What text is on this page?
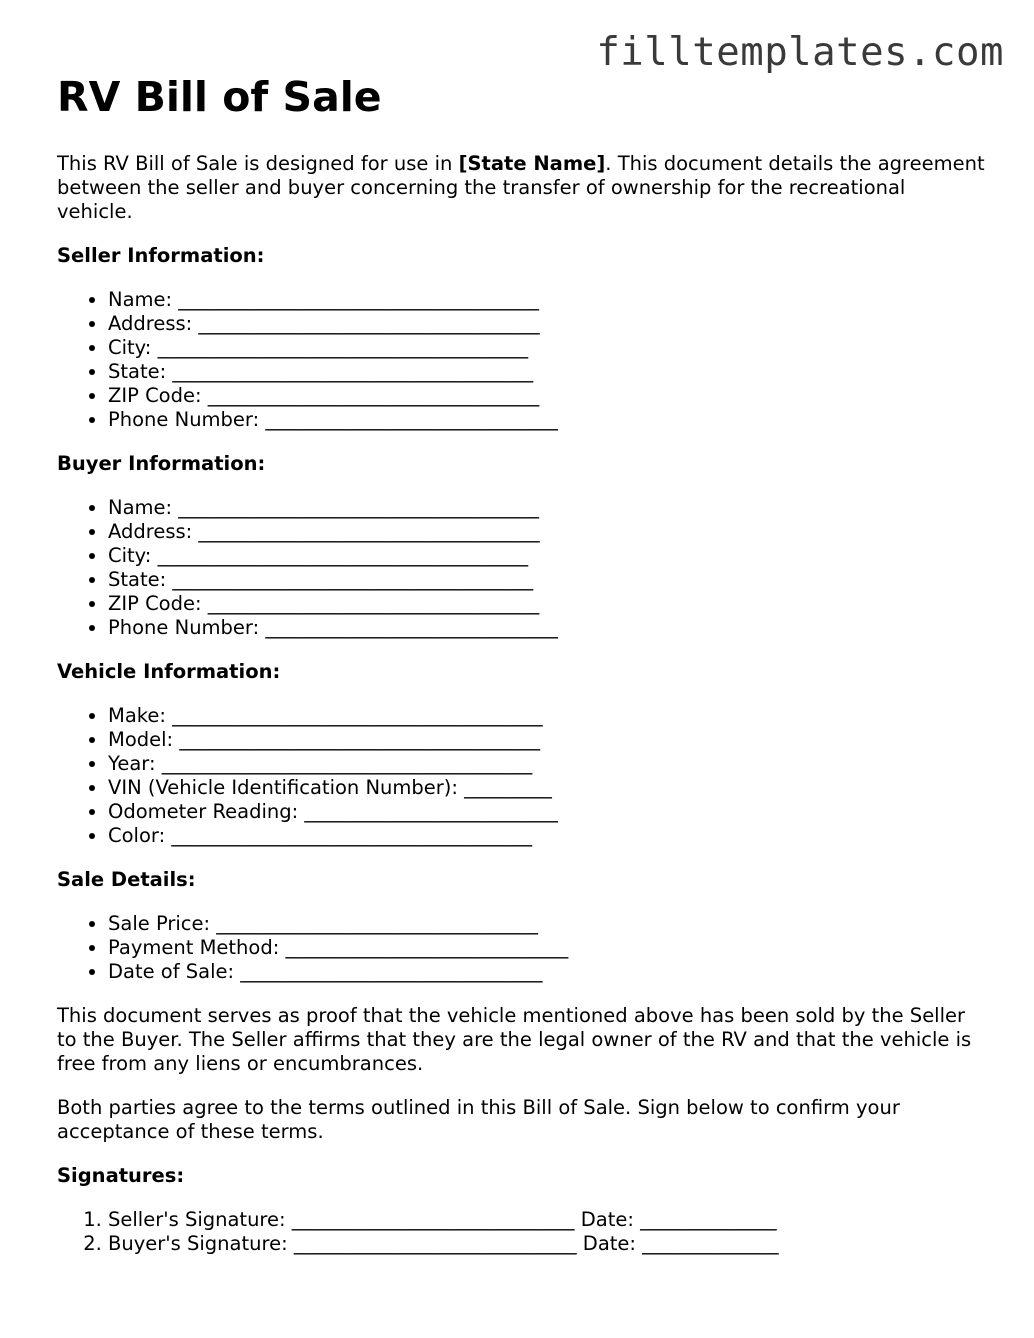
filltemplates.com
RV Bill of Sale

This RV Bill of Sale is designed for use in [State Name]. This document details the agreement between the seller and buyer concerning the transfer of ownership for the recreational vehicle.

Seller Information:
• Name: _____________________________________
• Address: ___________________________________
• City: ______________________________________
• State: _____________________________________
• ZIP Code: __________________________________
• Phone Number: ______________________________
Buyer Information:
• Name: _____________________________________
• Address: ___________________________________
• City: ______________________________________
• State: _____________________________________
• ZIP Code: __________________________________
• Phone Number: ______________________________
Vehicle Information:
• Make: ______________________________________
• Model: _____________________________________
• Year: ______________________________________
• VIN (Vehicle Identification Number): _________
• Odometer Reading: __________________________
• Color: _____________________________________
Sale Details:
• Sale Price: _________________________________
• Payment Method: _____________________________
• Date of Sale: _______________________________

This document serves as proof that the vehicle mentioned above has been sold by the Seller to the Buyer. The Seller affirms that they are the legal owner of the RV and that the vehicle is free from any liens or encumbrances.

Both parties agree to the terms outlined in this Bill of Sale. Sign below to confirm your acceptance of these terms.

Signatures:
1. Seller's Signature: _____________________________ Date: ______________
2. Buyer's Signature: _____________________________ Date: ______________
